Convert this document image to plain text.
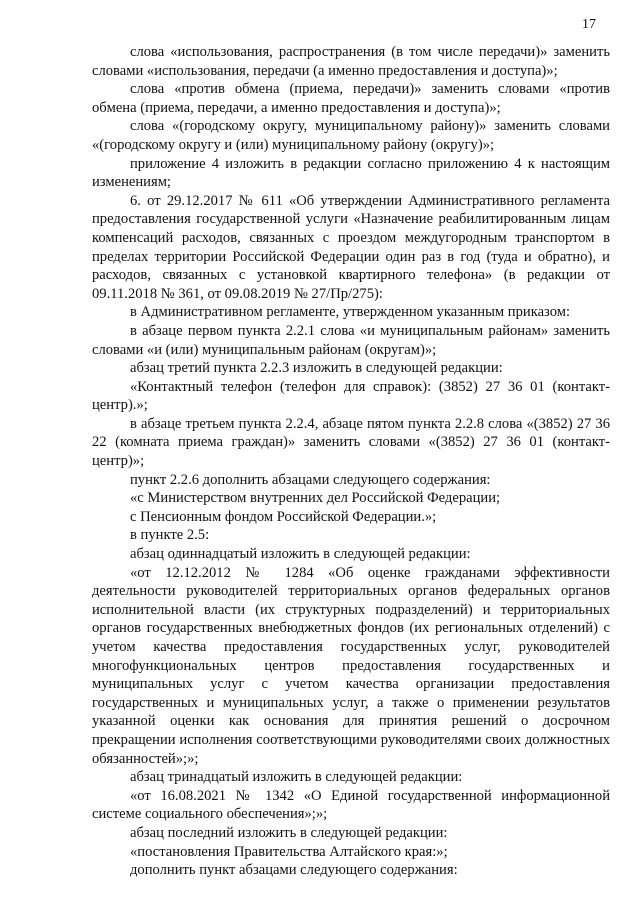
17

слова «использования, распространения (в том числе передачи)» заменить словами «использования, передачи (а именно предоставления и доступа)»;

слова «против обмена (приема, передачи)» заменить словами «против обмена (приема, передачи, а именно предоставления и доступа)»;

слова «(городскому округу, муниципальному району)» заменить словами «(городскому округу и (или) муниципальному району (округу)»;

приложение 4 изложить в редакции согласно приложению 4 к настоящим изменениям;

6. от 29.12.2017 № 611 «Об утверждении Административного регламента предоставления государственной услуги «Назначение реабилитированным лицам компенсаций расходов, связанных с проездом междугородным транспортом в пределах территории Российской Федерации один раз в год (туда и обратно), и расходов, связанных с установкой квартирного телефона» (в редакции от 09.11.2018 № 361, от 09.08.2019 № 27/Пр/275):

в Административном регламенте, утвержденном указанным приказом:

в абзаце первом пункта 2.2.1 слова «и муниципальным районам» заменить словами «и (или) муниципальным районам (округам)»;

абзац третий пункта 2.2.3 изложить в следующей редакции:

«Контактный телефон (телефон для справок): (3852) 27 36 01 (контакт-центр).»;

в абзаце третьем пункта 2.2.4, абзаце пятом пункта 2.2.8 слова «(3852) 27 36 22 (комната приема граждан)» заменить словами «(3852) 27 36 01 (контакт-центр)»;

пункт 2.2.6 дополнить абзацами следующего содержания:

«с Министерством внутренних дел Российской Федерации;

с Пенсионным фондом Российской Федерации.»;

в пункте 2.5:

абзац одиннадцатый изложить в следующей редакции:

«от 12.12.2012 № 1284 «Об оценке гражданами эффективности деятельности руководителей территориальных органов федеральных органов исполнительной власти (их структурных подразделений) и территориальных органов государственных внебюджетных фондов (их региональных отделений) с учетом качества предоставления государственных услуг, руководителей многофункциональных центров предоставления государственных и муниципальных услуг с учетом качества организации предоставления государственных и муниципальных услуг, а также о применении результатов указанной оценки как основания для принятия решений о досрочном прекращении исполнения соответствующими руководителями своих должностных обязанностей»;»;

абзац тринадцатый изложить в следующей редакции:

«от 16.08.2021 № 1342 «О Единой государственной информационной системе социального обеспечения»;»;

абзац последний изложить в следующей редакции:

«постановления Правительства Алтайского края:»;

дополнить пункт абзацами следующего содержания:
